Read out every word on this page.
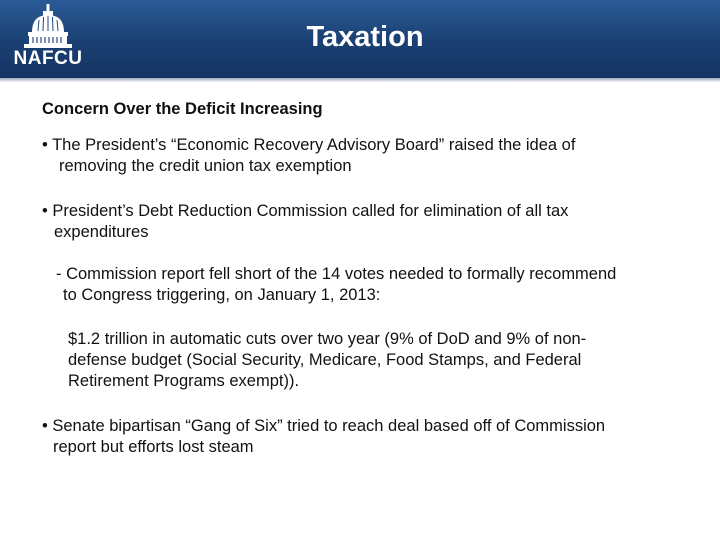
NAFCU
Taxation
Concern Over the Deficit Increasing
• The President’s “Economic Recovery Advisory Board” raised the idea of
removing the credit union tax exemption
• President’s Debt Reduction Commission called for elimination of all tax
expenditures
- Commission report fell short of the 14 votes needed to formally recommend
to Congress triggering, on January 1, 2013:
$1.2 trillion in automatic cuts over two year (9% of DoD and 9% of non-
defense budget (Social Security, Medicare, Food Stamps, and Federal
Retirement Programs exempt)).
• Senate bipartisan “Gang of Six” tried to reach deal based off of Commission
report but efforts lost steam
